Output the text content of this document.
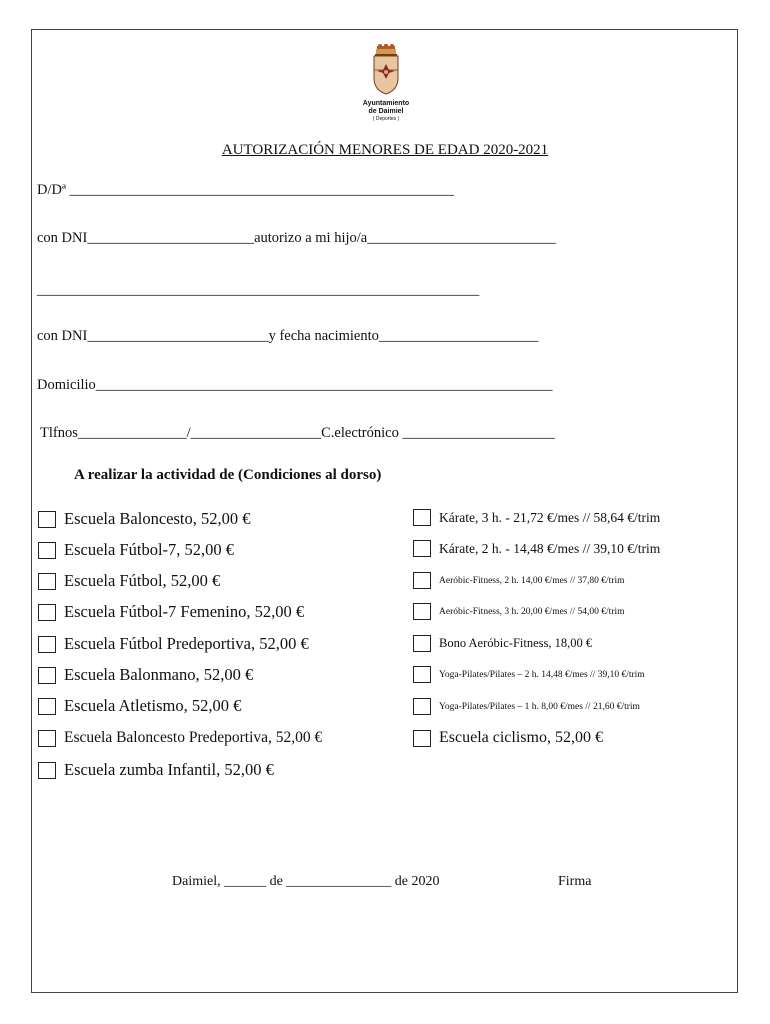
Ayuntamiento
de Daimiel
( Deportes )
AUTORIZACIÓN MENORES DE EDAD 2020-2021
D/Dª _____________________________________________________
con DNI_______________________autorizo a mi hijo/a__________________________
_____________________________________________________________
con DNI_________________________y fecha nacimiento______________________
Domicilio_______________________________________________________________
Tlfnos_______________/__________________C.electrónico _____________________
A realizar la actividad de (Condiciones al dorso)
Escuela Baloncesto, 52,00 €
Escuela Fútbol-7, 52,00 €
Escuela Fútbol, 52,00 €
Escuela Fútbol-7 Femenino, 52,00 €
Escuela Fútbol Predeportiva, 52,00 €
Escuela Balonmano, 52,00 €
Escuela Atletismo, 52,00 €
Escuela Baloncesto Predeportiva, 52,00 €
Escuela zumba Infantil, 52,00 €
Kárate, 3 h. - 21,72 €/mes // 58,64 €/trim
Kárate, 2 h. - 14,48 €/mes // 39,10 €/trim
Aeróbic-Fitness, 2 h. 14,00 €/mes // 37,80 €/trim
Aeróbic-Fitness, 3 h. 20,00 €/mes // 54,00 €/trim
Bono Aeróbic-Fitness, 18,00 €
Yoga-Pilates/Pilates – 2 h. 14,48 €/mes // 39,10 €/trim
Yoga-Pilates/Pilates – 1 h. 8,00 €/mes // 21,60 €/trim
Escuela ciclismo, 52,00 €
Daimiel, ______ de _______________ de 2020	Firma
